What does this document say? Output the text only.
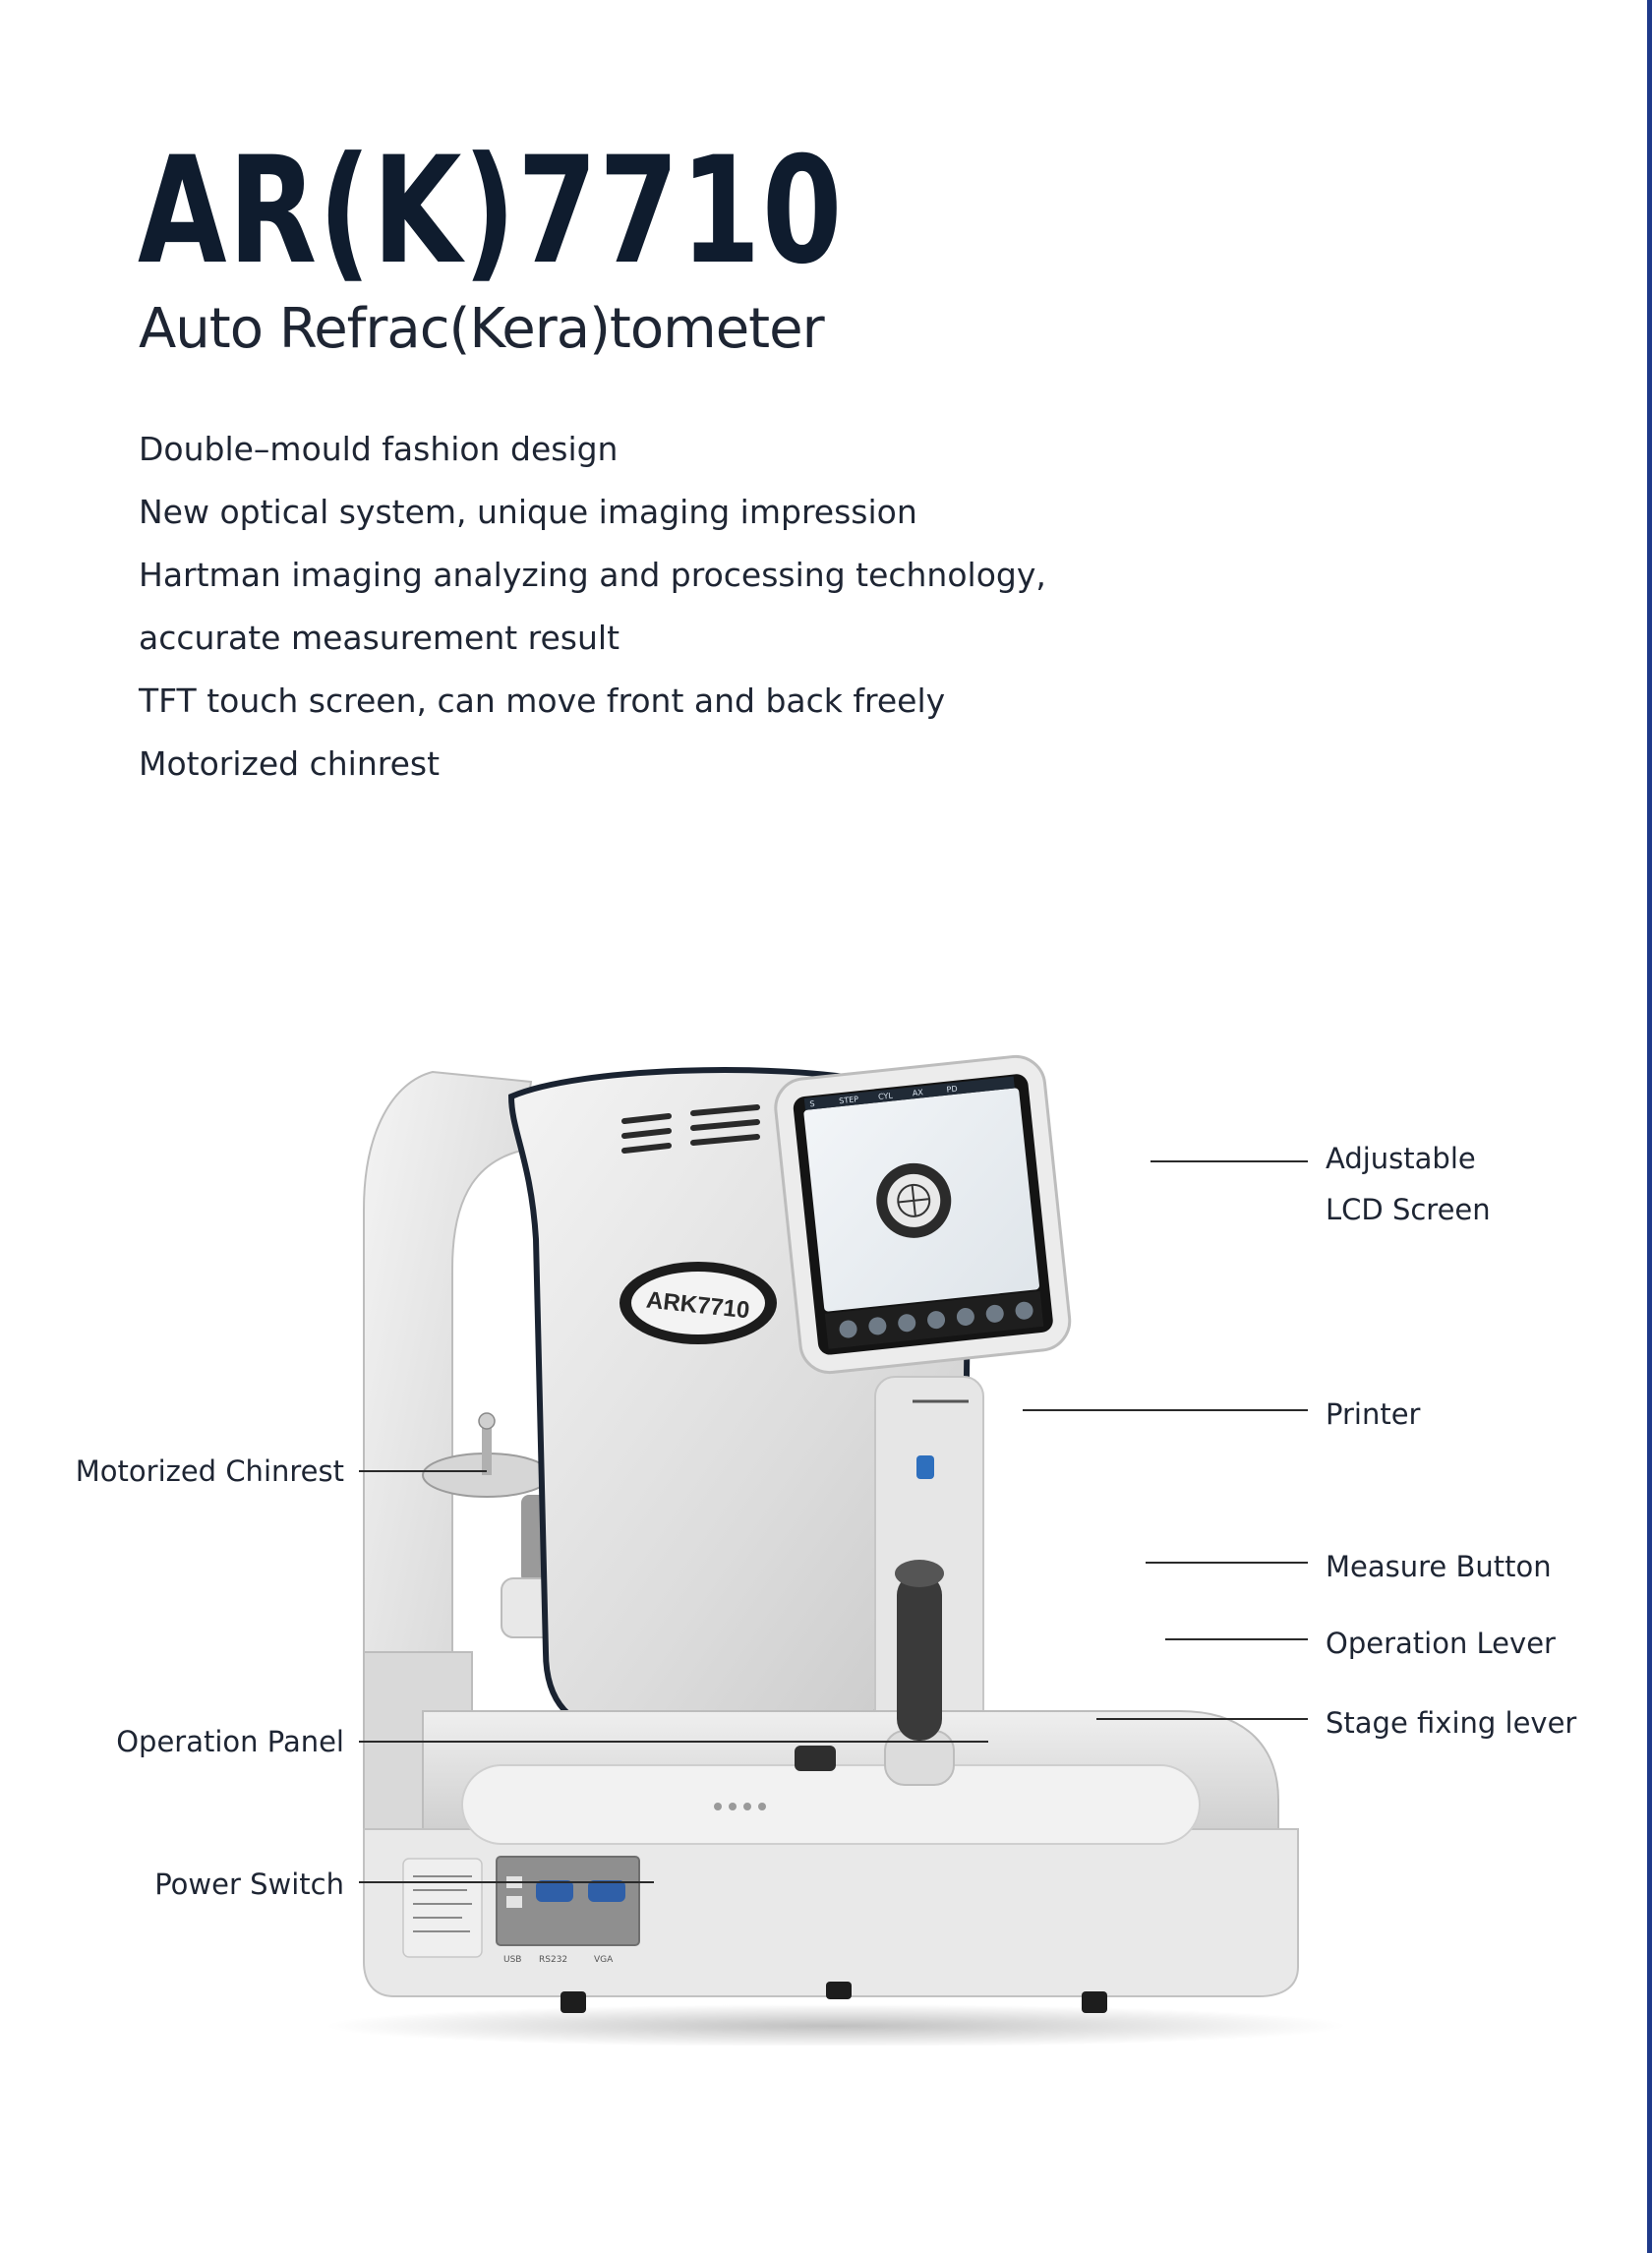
AR(K)7710
Auto Refrac(Kera)tometer
Double–mould fashion design
New optical system, unique imaging impression
Hartman imaging analyzing and processing technology,
accurate measurement result
TFT touch screen, can move front and back freely
Motorized chinrest
ARK7710
S	STEP CYL AX	PD
USB RS232	VGA
Adjustable
LCD Screen
Printer
Measure Button
Operation Lever
Stage fixing lever
Motorized Chinrest
Operation Panel
Power Switch
